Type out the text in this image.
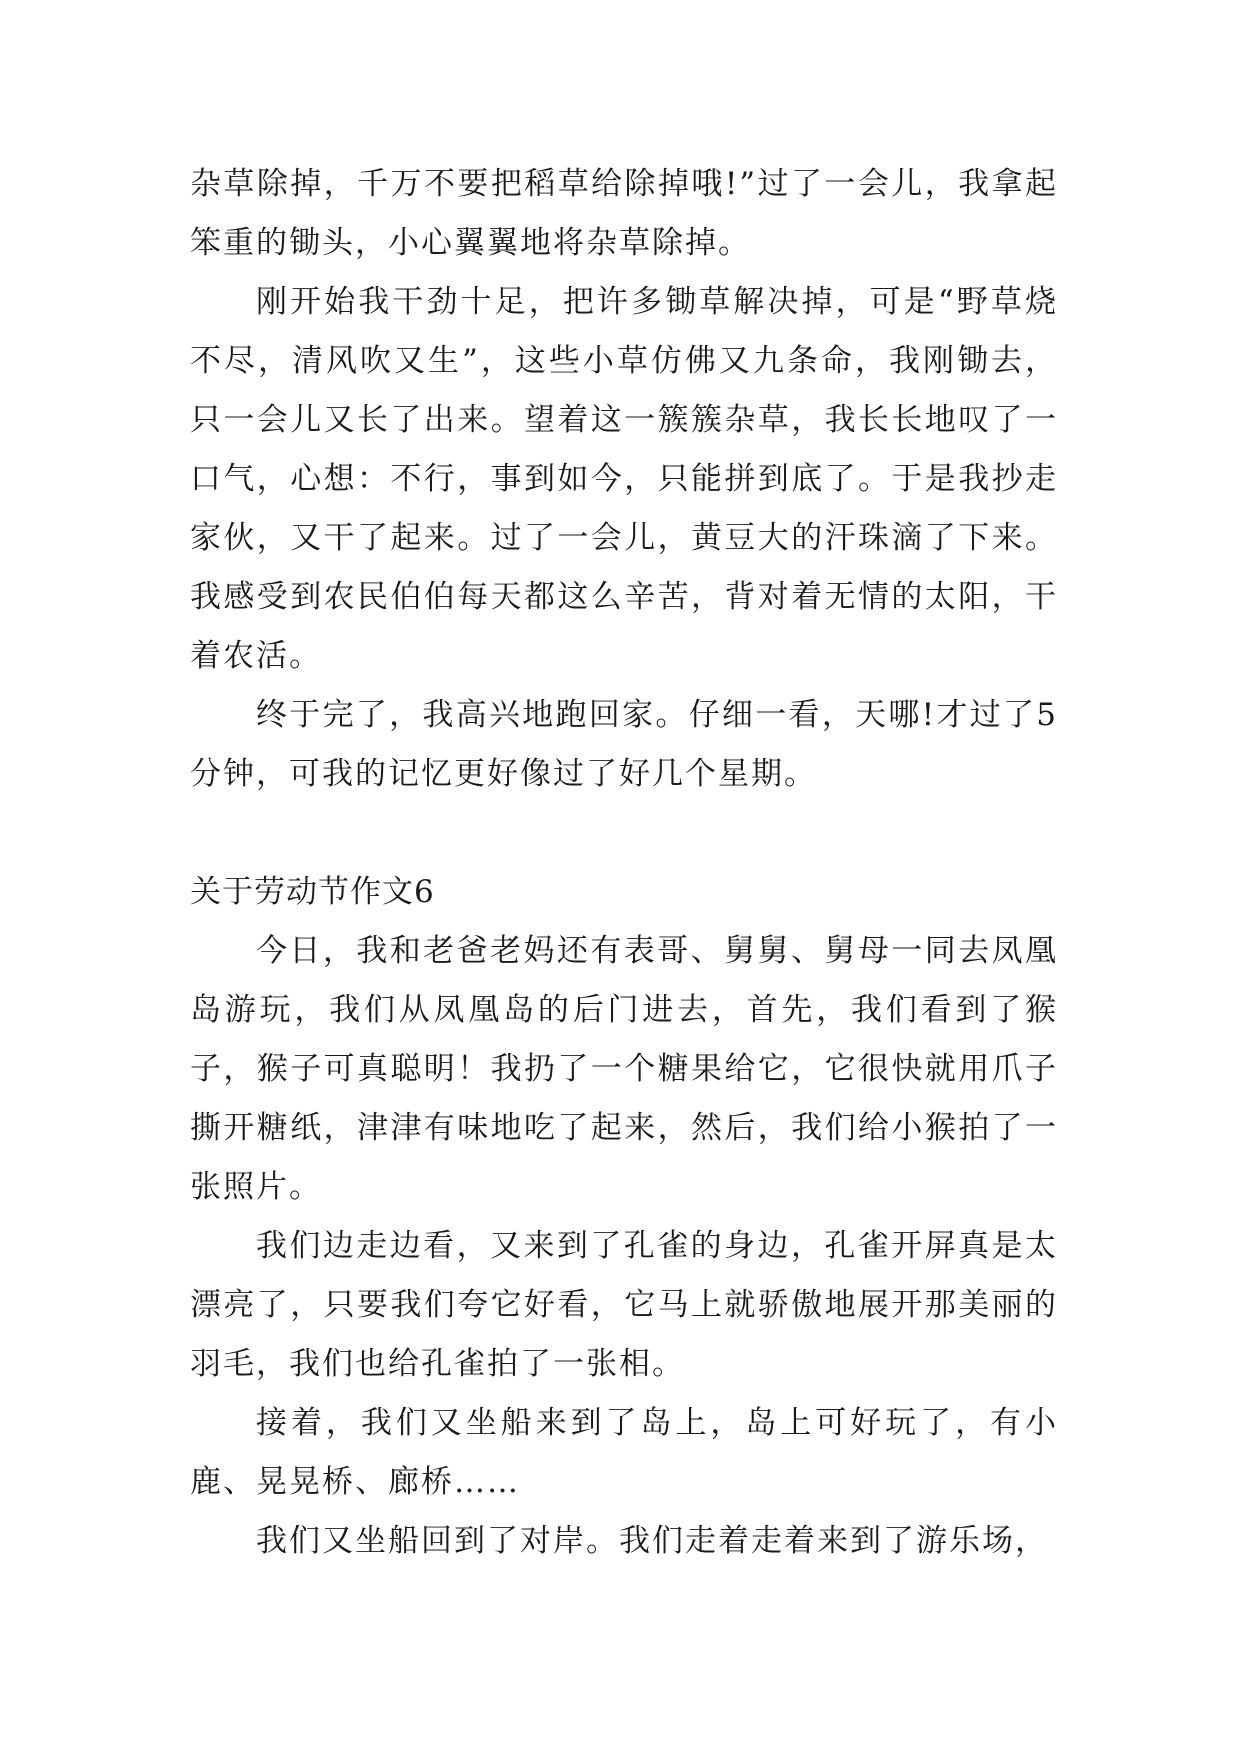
杂草除掉，千万不要把稻草给除掉哦!”过了一会儿，我拿起笨重的锄头，小心翼翼地将杂草除掉。

刚开始我干劲十足，把许多锄草解决掉，可是“野草烧不尽，清风吹又生”，这些小草仿佛又九条命，我刚锄去，只一会儿又长了出来。望着这一簇簇杂草，我长长地叹了一口气，心想：不行，事到如今，只能拼到底了。于是我抄走家伙，又干了起来。过了一会儿，黄豆大的汗珠滴了下来。我感受到农民伯伯每天都这么辛苦，背对着无情的太阳，干着农活。

终于完了，我高兴地跑回家。仔细一看，天哪!才过了5分钟，可我的记忆更好像过了好几个星期。

关于劳动节作文6

今日，我和老爸老妈还有表哥、舅舅、舅母一同去凤凰岛游玩，我们从凤凰岛的后门进去，首先，我们看到了猴子，猴子可真聪明！我扔了一个糖果给它，它很快就用爪子撕开糖纸，津津有味地吃了起来，然后，我们给小猴拍了一张照片。

我们边走边看，又来到了孔雀的身边，孔雀开屏真是太漂亮了，只要我们夸它好看，它马上就骄傲地展开那美丽的羽毛，我们也给孔雀拍了一张相。

接着，我们又坐船来到了岛上，岛上可好玩了，有小鹿、晃晃桥、廊桥……

我们又坐船回到了对岸。我们走着走着来到了游乐场，
